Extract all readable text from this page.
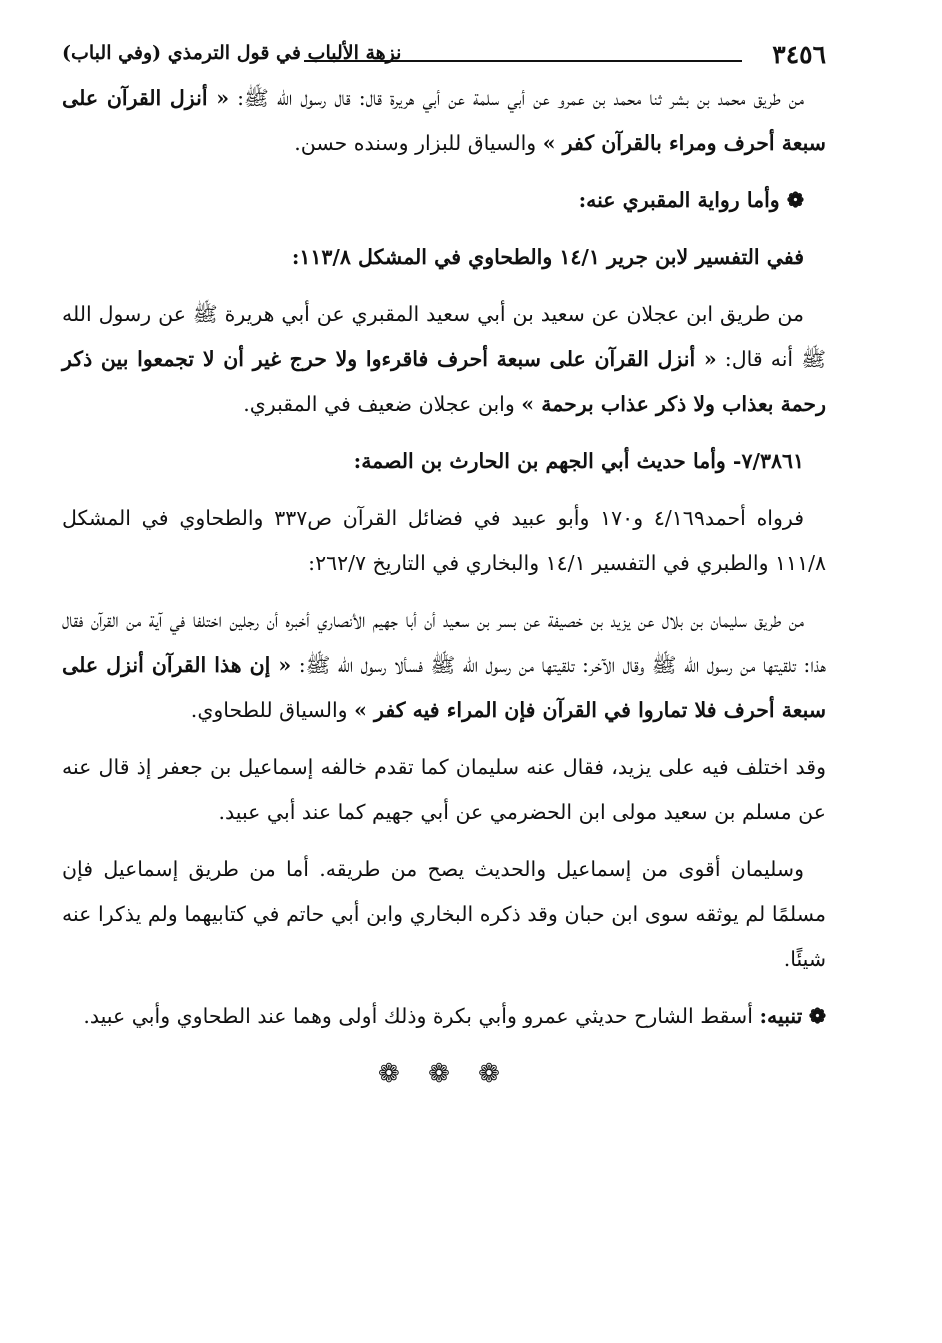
٣٤٥٦
نزهة الألباب في قول الترمذي (وفي الباب)

من طريق محمد بن بشر ثنا محمد بن عمرو عن أبي سلمة عن أبي هريرة قال: قال رسول الله ﷺ: « أنزل القرآن على سبعة أحرف ومراء بالقرآن كفر » والسياق للبزار وسنده حسن.

❁ وأما رواية المقبري عنه:

ففي التفسير لابن جرير ١٤/١ والطحاوي في المشكل ١١٣/٨:

من طريق ابن عجلان عن سعيد بن أبي سعيد المقبري عن أبي هريرة ﷺ عن رسول الله ﷺ أنه قال: « أنزل القرآن على سبعة أحرف فاقرءوا ولا حرج غير أن لا تجمعوا بين ذكر رحمة بعذاب ولا ذكر عذاب برحمة » وابن عجلان ضعيف في المقبري.

٧/٣٨٦١- وأما حديث أبي الجهم بن الحارث بن الصمة:

فرواه أحمد٤/١٦٩ و١٧٠ وأبو عبيد في فضائل القرآن ص٣٣٧ والطحاوي في المشكل ١١١/٨ والطبري في التفسير ١٤/١ والبخاري في التاريخ ٢٦٢/٧:

من طريق سليمان بن بلال عن يزيد بن خصيفة عن بسر بن سعيد أن أبا جهيم الأنصاري أخبره أن رجلين اختلفا في آية من القرآن فقال هذا: تلقيتها من رسول الله ﷺ وقال الآخر: تلقيتها من رسول الله ﷺ فسألا رسول الله ﷺ: « إن هذا القرآن أنزل على سبعة أحرف فلا تماروا في القرآن فإن المراء فيه كفر » والسياق للطحاوي.

وقد اختلف فيه على يزيد، فقال عنه سليمان كما تقدم خالفه إسماعيل بن جعفر إذ قال عنه عن مسلم بن سعيد مولى ابن الحضرمي عن أبي جهيم كما عند أبي عبيد.

وسليمان أقوى من إسماعيل والحديث يصح من طريقه. أما من طريق إسماعيل فإن مسلمًا لم يوثقه سوى ابن حبان وقد ذكره البخاري وابن أبي حاتم في كتابيهما ولم يذكرا عنه شيئًا.

❁ تنبيه: أسقط الشارح حديثي عمرو وأبي بكرة وذلك أولى وهما عند الطحاوي وأبي عبيد.

❁ ❁ ❁
